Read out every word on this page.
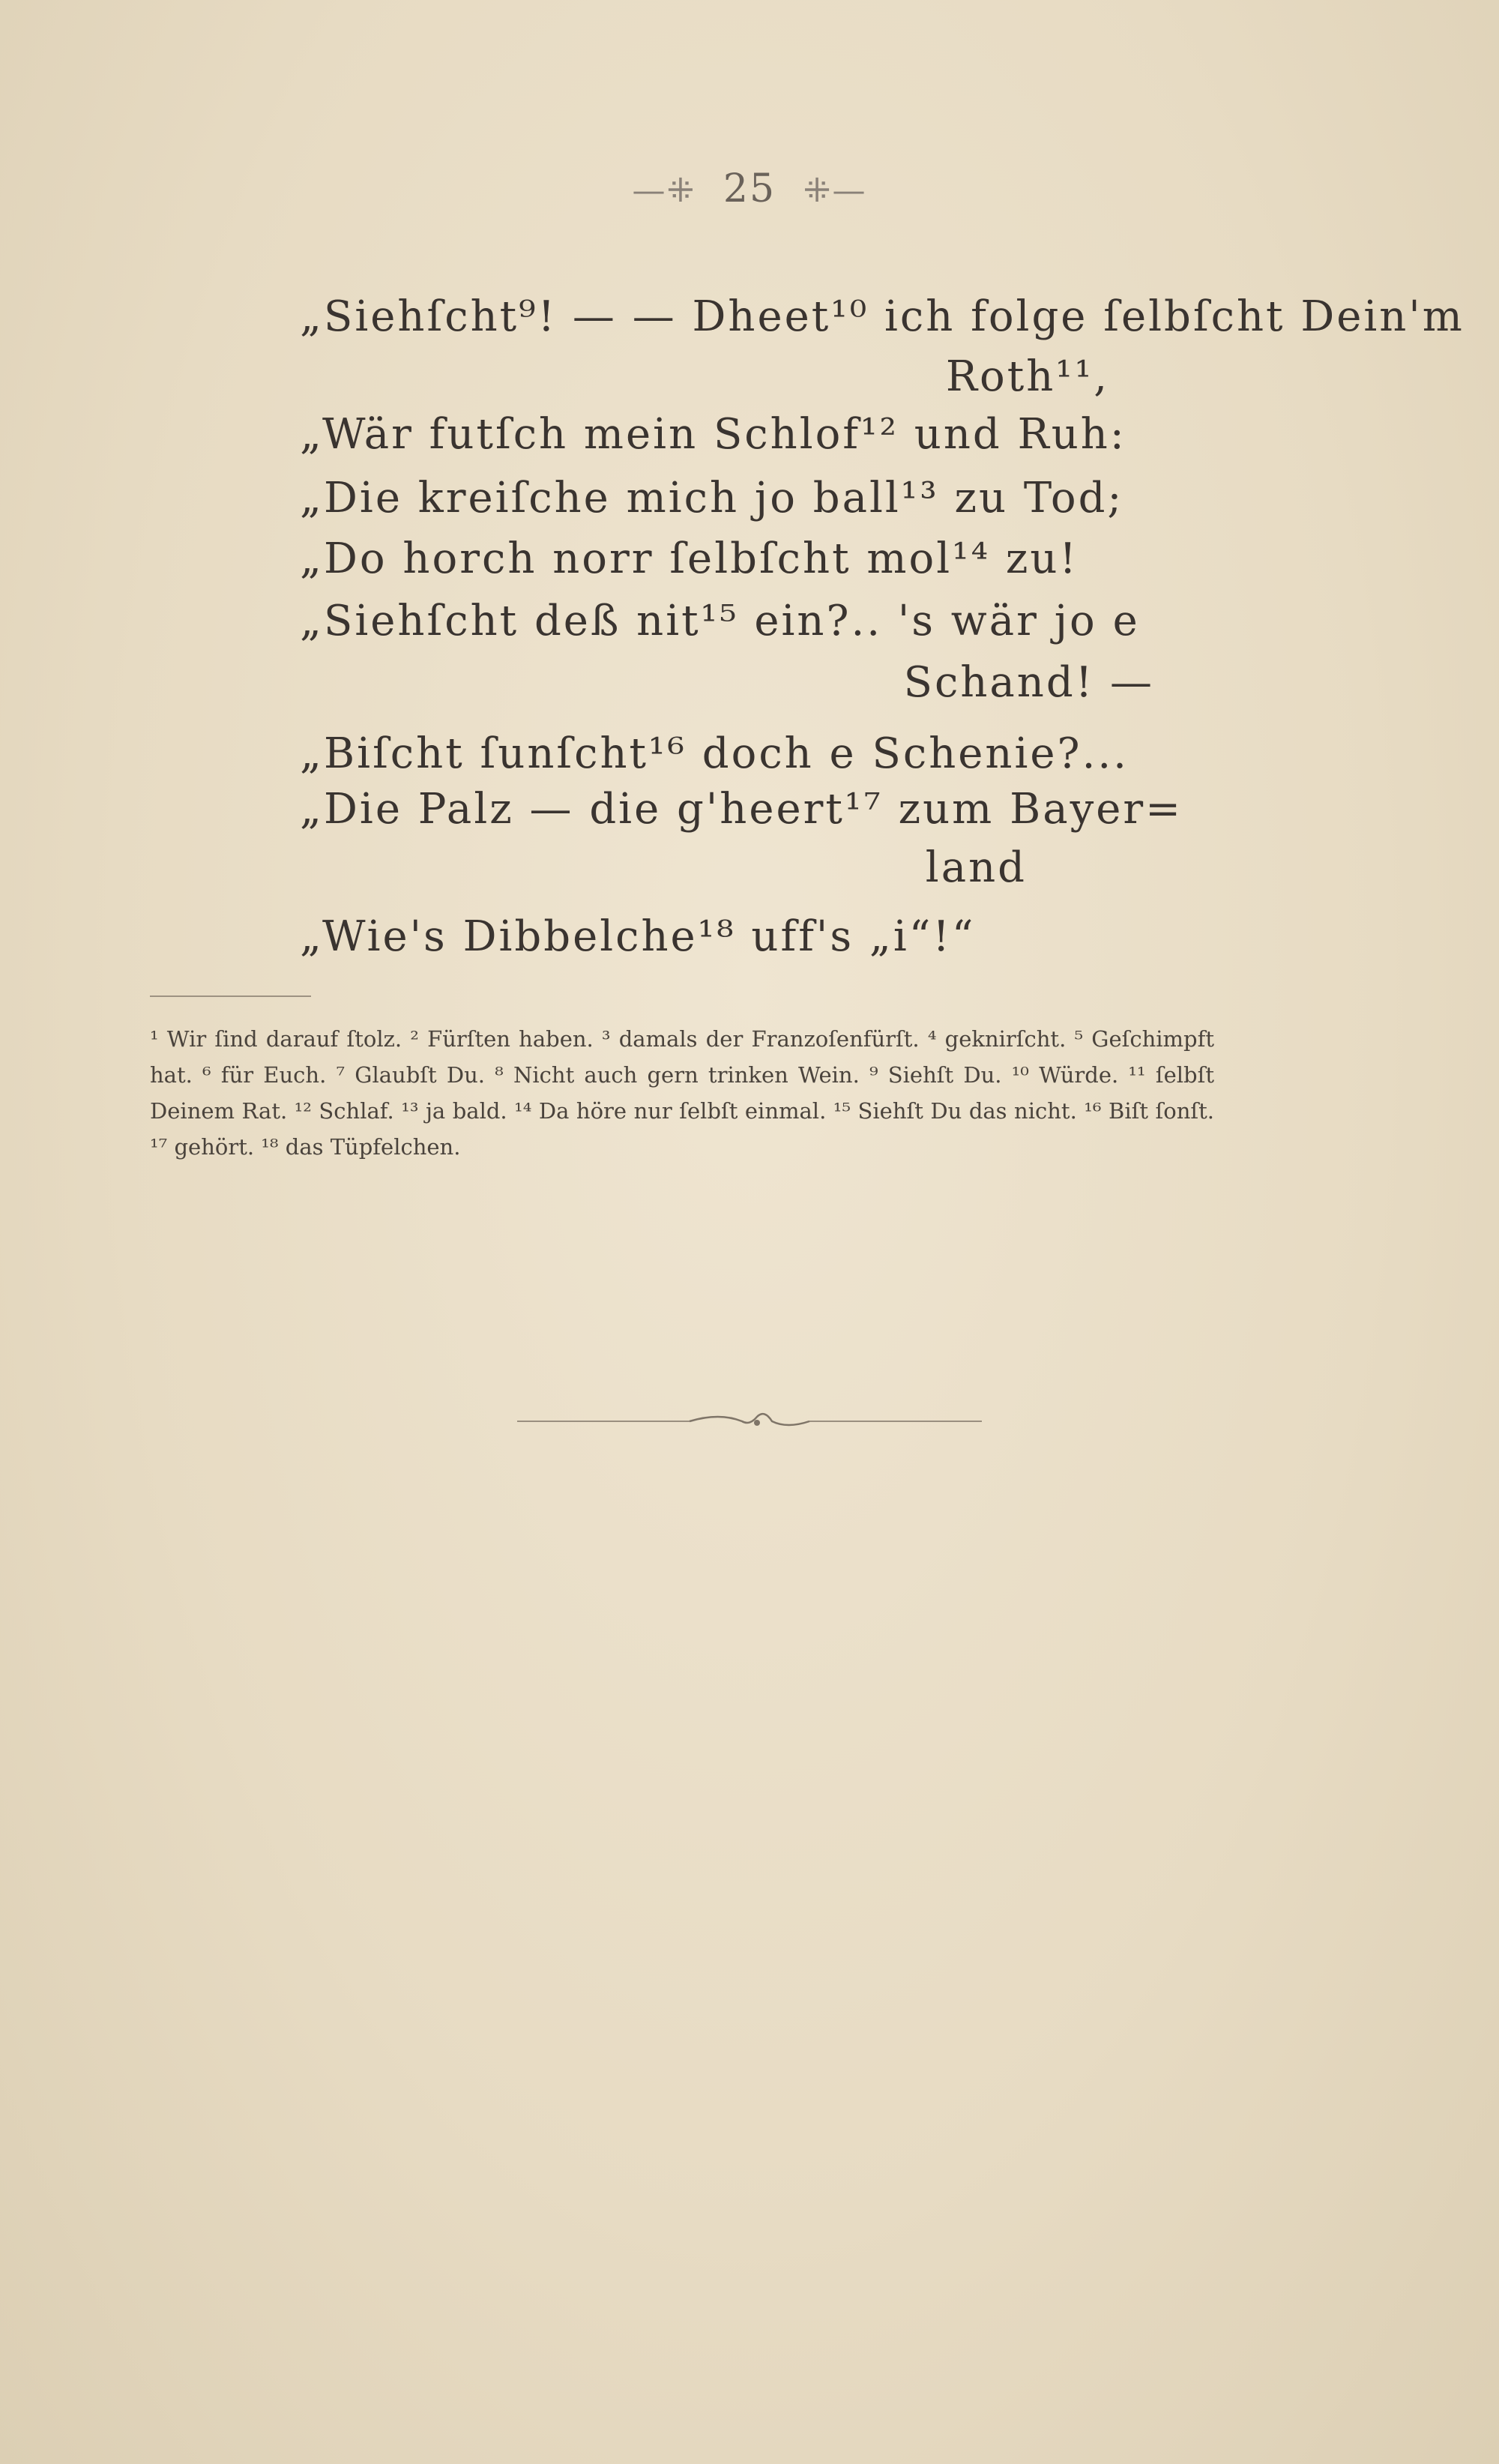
—⁜ 25 ⁜—
„Siehſcht⁹! — — Dheet¹⁰ ich folge ſelbſcht Dein'm
Roth¹¹,
„Wär futſch mein Schlof¹² und Ruh:
„Die kreiſche mich jo ball¹³ zu Tod;
„Do horch norr ſelbſcht mol¹⁴ zu!
„Siehſcht deß nit¹⁵ ein?.. 's wär jo e
Schand! —
„Biſcht ſunſcht¹⁶ doch e Schenie?...
„Die Palz — die g'heert¹⁷ zum Bayer=
land
„Wie's Dibbelche¹⁸ uff's „i“!“
¹ Wir ſind darauf ſtolz. ² Fürſten haben. ³ damals der Franzoſenfürſt. ⁴ geknirſcht. ⁵ Geſchimpft hat. ⁶ für Euch. ⁷ Glaubſt Du. ⁸ Nicht auch gern trinken Wein. ⁹ Siehſt Du. ¹⁰ Würde. ¹¹ ſelbſt Deinem Rat. ¹² Schlaf. ¹³ ja bald. ¹⁴ Da höre nur ſelbſt einmal. ¹⁵ Siehſt Du das nicht. ¹⁶ Biſt ſonſt. ¹⁷ gehört. ¹⁸ das Tüpfelchen.
